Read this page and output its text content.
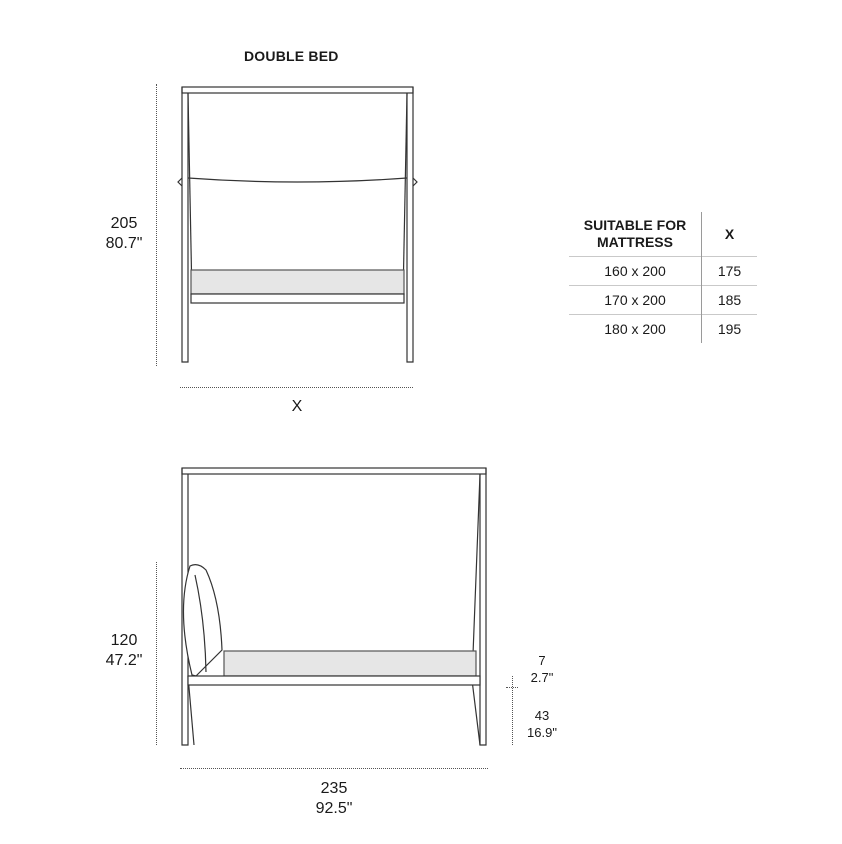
DOUBLE BED
205
80.7"
X
SUITABLE FOR
MATTRESS	X
160 x 200	175
170 x 200	185
180 x 200	195
120
47.2"	7
2.7"
43
16.9"
235
92.5"
